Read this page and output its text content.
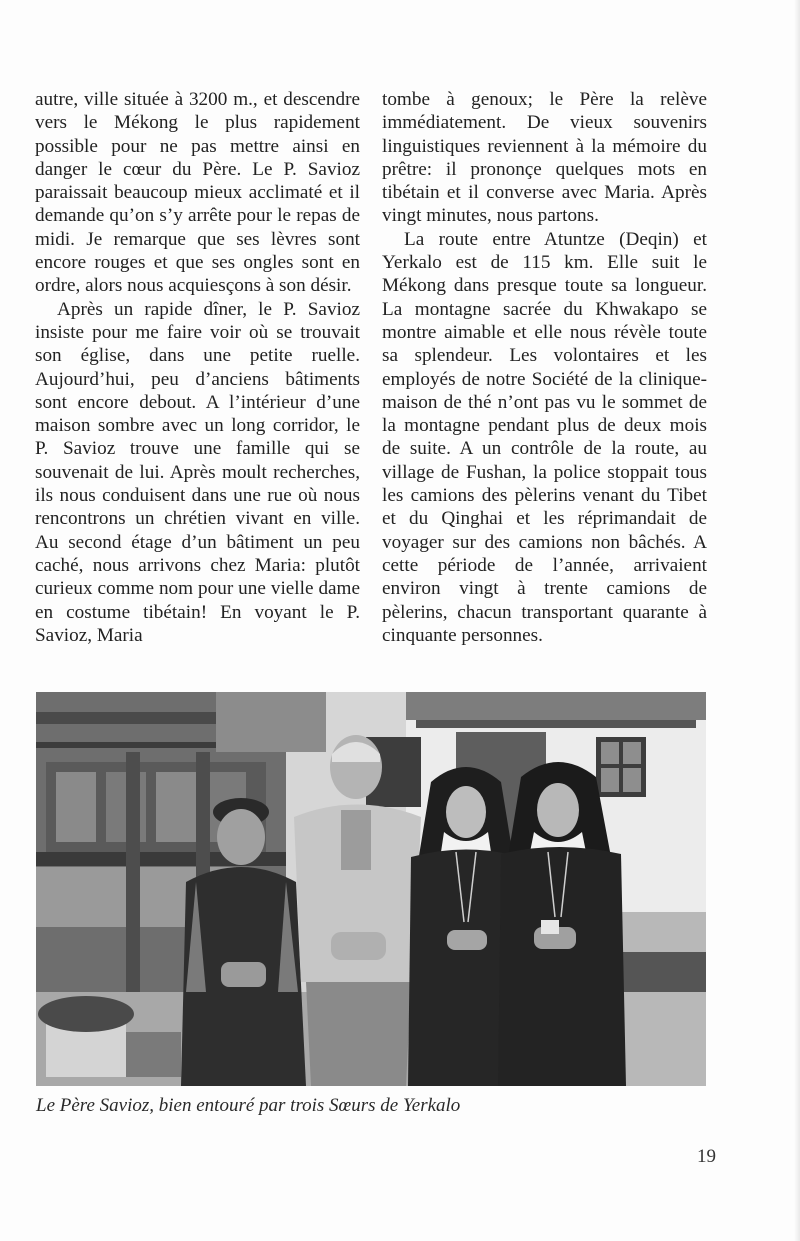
autre, ville située à 3200 m., et descendre vers le Mékong le plus rapidement possible pour ne pas mettre ainsi en danger le cœur du Père. Le P. Savioz paraissait beaucoup mieux acclimaté et il demande qu’on s’y arrête pour le repas de midi. Je remarque que ses lèvres sont encore rouges et que ses ongles sont en ordre, alors nous acquiesçons à son désir.

Après un rapide dîner, le P. Savioz insiste pour me faire voir où se trouvait son église, dans une petite ruelle. Aujourd’hui, peu d’anciens bâtiments sont encore debout. A l’intérieur d’une maison sombre avec un long corridor, le P. Savioz trouve une famille qui se souvenait de lui. Après moult recherches, ils nous conduisent dans une rue où nous rencontrons un chrétien vivant en ville. Au second étage d’un bâtiment un peu caché, nous arrivons chez Maria: plutôt curieux comme nom pour une vielle dame en costume tibétain! En voyant le P. Savioz, Maria

tombe à genoux; le Père la relève immédiatement. De vieux souvenirs linguistiques reviennent à la mémoire du prêtre: il prononçe quelques mots en tibétain et il converse avec Maria. Après vingt minutes, nous partons.

La route entre Atuntze (Deqin) et Yerkalo est de 115 km. Elle suit le Mékong dans presque toute sa longueur. La montagne sacrée du Khwakapo se montre aimable et elle nous révèle toute sa splendeur. Les volontaires et les employés de notre Société de la clinique-maison de thé n’ont pas vu le sommet de la montagne pendant plus de deux mois de suite. A un contrôle de la route, au village de Fushan, la police stoppait tous les camions des pèlerins venant du Tibet et du Qinghai et les réprimandait de voyager sur des camions non bâchés. A cette période de l’année, arrivaient environ vingt à trente camions de pèlerins, chacun transportant quarante à cinquante personnes.

Le Père Savioz, bien entouré par trois Sœurs de Yerkalo
19
